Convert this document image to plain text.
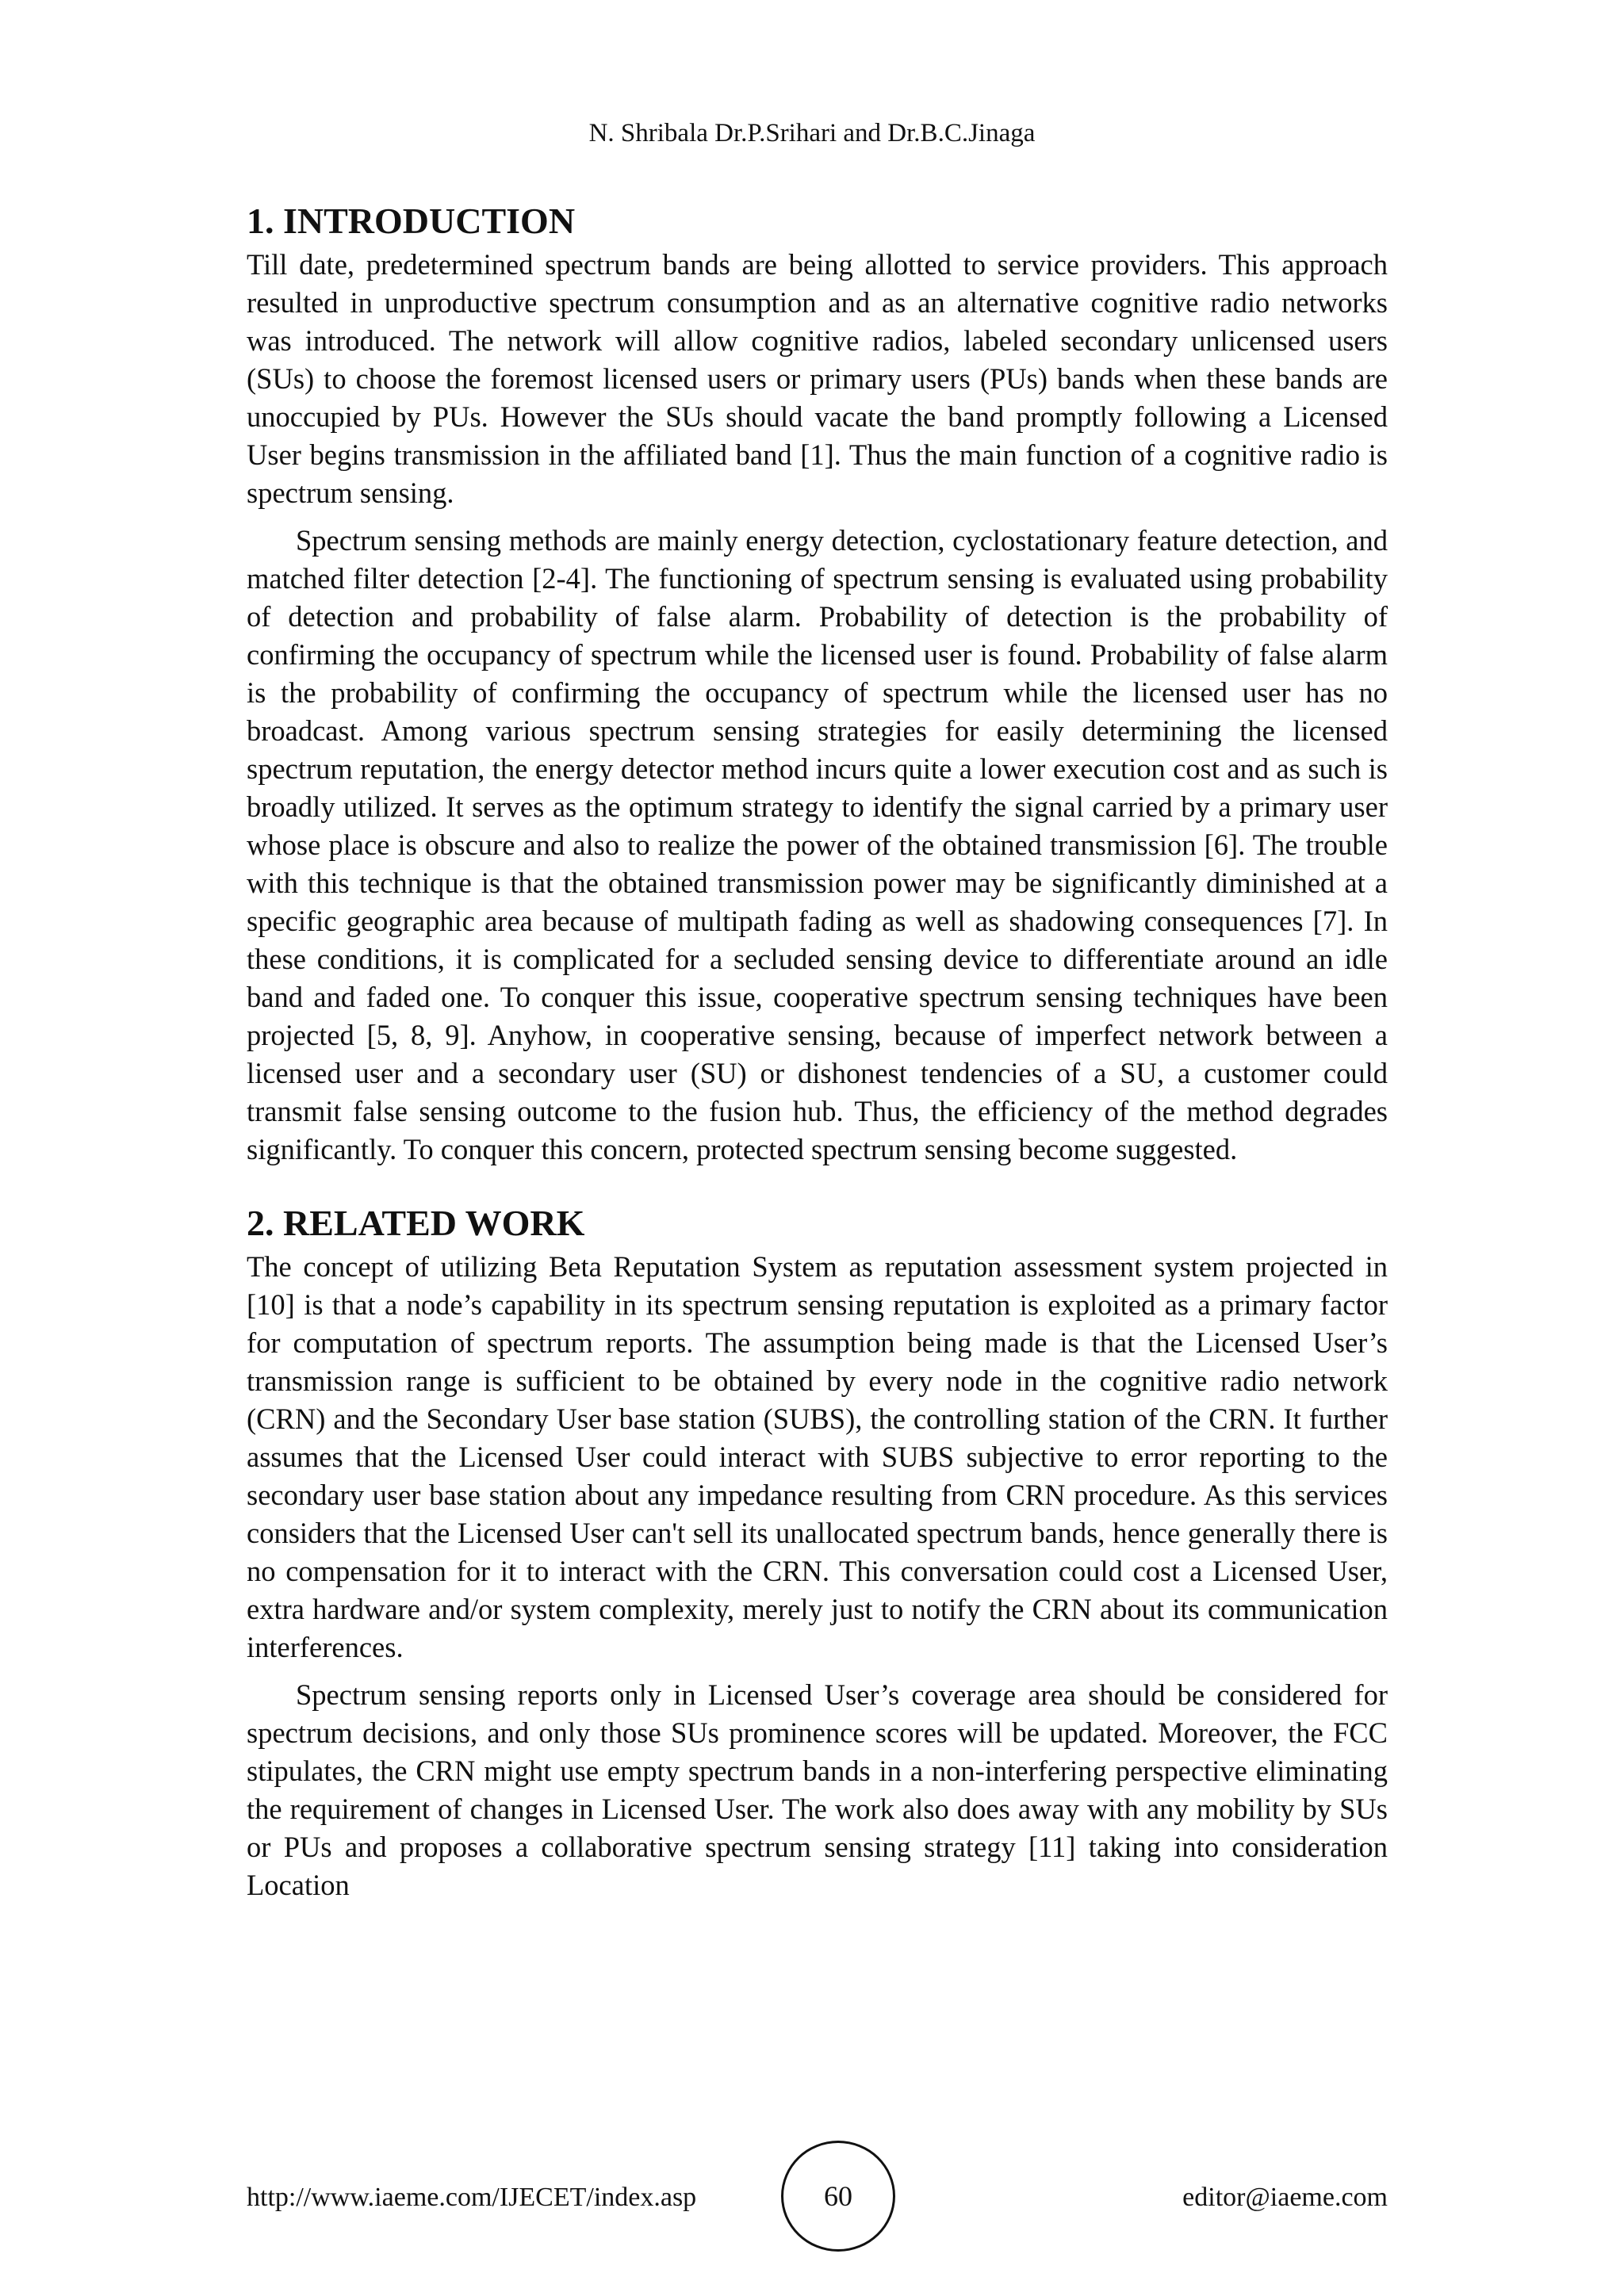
N. Shribala Dr.P.Srihari and Dr.B.C.Jinaga
1. INTRODUCTION

Till date, predetermined spectrum bands are being allotted to service providers. This approach resulted in unproductive spectrum consumption and as an alternative cognitive radio networks was introduced. The network will allow cognitive radios, labeled secondary unlicensed users (SUs) to choose the foremost licensed users or primary users (PUs) bands when these bands are unoccupied by PUs. However the SUs should vacate the band promptly following a Licensed User begins transmission in the affiliated band [1]. Thus the main function of a cognitive radio is spectrum sensing.

Spectrum sensing methods are mainly energy detection, cyclostationary feature detection, and matched filter detection [2-4]. The functioning of spectrum sensing is evaluated using probability of detection and probability of false alarm. Probability of detection is the probability of confirming the occupancy of spectrum while the licensed user is found. Probability of false alarm is the probability of confirming the occupancy of spectrum while the licensed user has no broadcast. Among various spectrum sensing strategies for easily determining the licensed spectrum reputation, the energy detector method incurs quite a lower execution cost and as such is broadly utilized. It serves as the optimum strategy to identify the signal carried by a primary user whose place is obscure and also to realize the power of the obtained transmission [6]. The trouble with this technique is that the obtained transmission power may be significantly diminished at a specific geographic area because of multipath fading as well as shadowing consequences [7]. In these conditions, it is complicated for a secluded sensing device to differentiate around an idle band and faded one. To conquer this issue, cooperative spectrum sensing techniques have been projected [5, 8, 9]. Anyhow, in cooperative sensing, because of imperfect network between a licensed user and a secondary user (SU) or dishonest tendencies of a SU, a customer could transmit false sensing outcome to the fusion hub. Thus, the efficiency of the method degrades significantly. To conquer this concern, protected spectrum sensing become suggested.

2. RELATED WORK

The concept of utilizing Beta Reputation System as reputation assessment system projected in [10] is that a node’s capability in its spectrum sensing reputation is exploited as a primary factor for computation of spectrum reports. The assumption being made is that the Licensed User’s transmission range is sufficient to be obtained by every node in the cognitive radio network (CRN) and the Secondary User base station (SUBS), the controlling station of the CRN. It further assumes that the Licensed User could interact with SUBS subjective to error reporting to the secondary user base station about any impedance resulting from CRN procedure. As this services considers that the Licensed User can't sell its unallocated spectrum bands, hence generally there is no compensation for it to interact with the CRN. This conversation could cost a Licensed User, extra hardware and/or system complexity, merely just to notify the CRN about its communication interferences.

Spectrum sensing reports only in Licensed User’s coverage area should be considered for spectrum decisions, and only those SUs prominence scores will be updated. Moreover, the FCC stipulates, the CRN might use empty spectrum bands in a non-interfering perspective eliminating the requirement of changes in Licensed User. The work also does away with any mobility by SUs or PUs and proposes a collaborative spectrum sensing strategy [11] taking into consideration Location

http://www.iaeme.com/IJECET/index.asp	60	editor@iaeme.com
